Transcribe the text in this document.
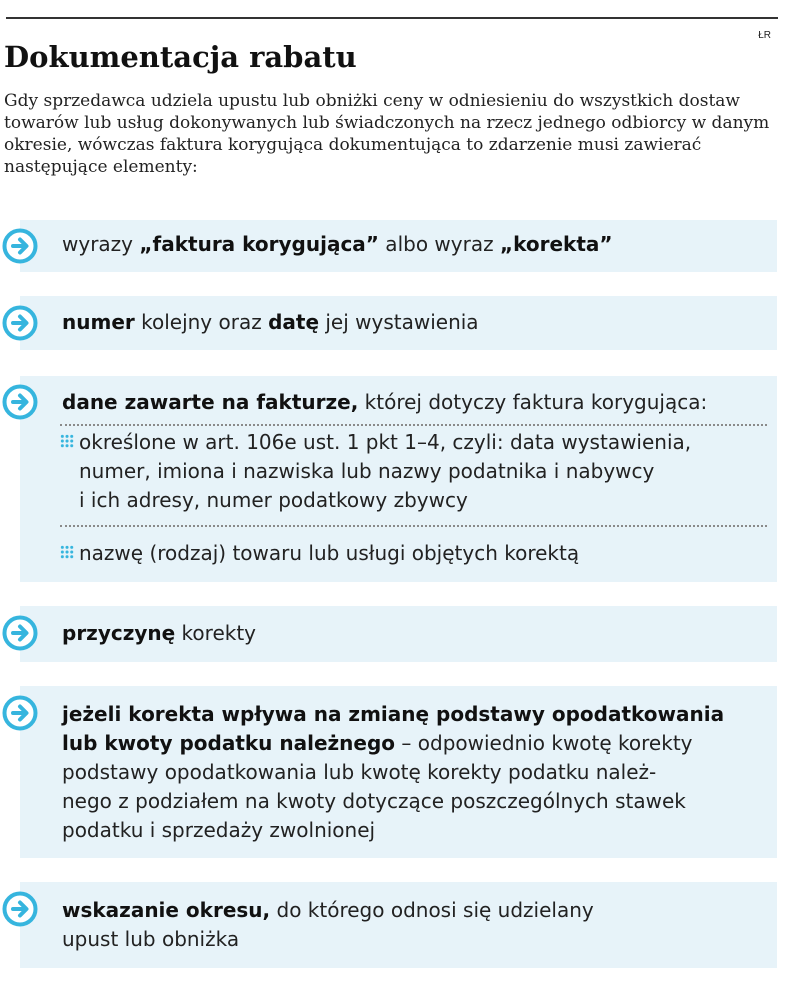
ŁR
Dokumentacja rabatu

Gdy sprzedawca udziela upustu lub obniżki ceny w odniesieniu do wszystkich dostaw towarów lub usług dokonywanych lub świadczonych na rzecz jednego odbiorcy w danym okresie, wówczas faktura korygująca dokumentująca to zdarzenie musi zawierać następujące elementy:

wyrazy „faktura korygująca” albo wyraz „korekta”
numer kolejny oraz datę jej wystawienia
dane zawarte na fakturze, której dotyczy faktura korygująca:
określone w art. 106e ust. 1 pkt 1–4, czyli: data wystawienia,
numer, imiona i nazwiska lub nazwy podatnika i nabywcy
i ich adresy, numer podatkowy zbywcy
nazwę (rodzaj) towaru lub usługi objętych korektą
przyczynę korekty
jeżeli korekta wpływa na zmianę podstawy opodatkowania
lub kwoty podatku należnego – odpowiednio kwotę korekty
podstawy opodatkowania lub kwotę korekty podatku należ-
nego z podziałem na kwoty dotyczące poszczególnych stawek
podatku i sprzedaży zwolnionej
wskazanie okresu, do którego odnosi się udzielany
upust lub obniżka
